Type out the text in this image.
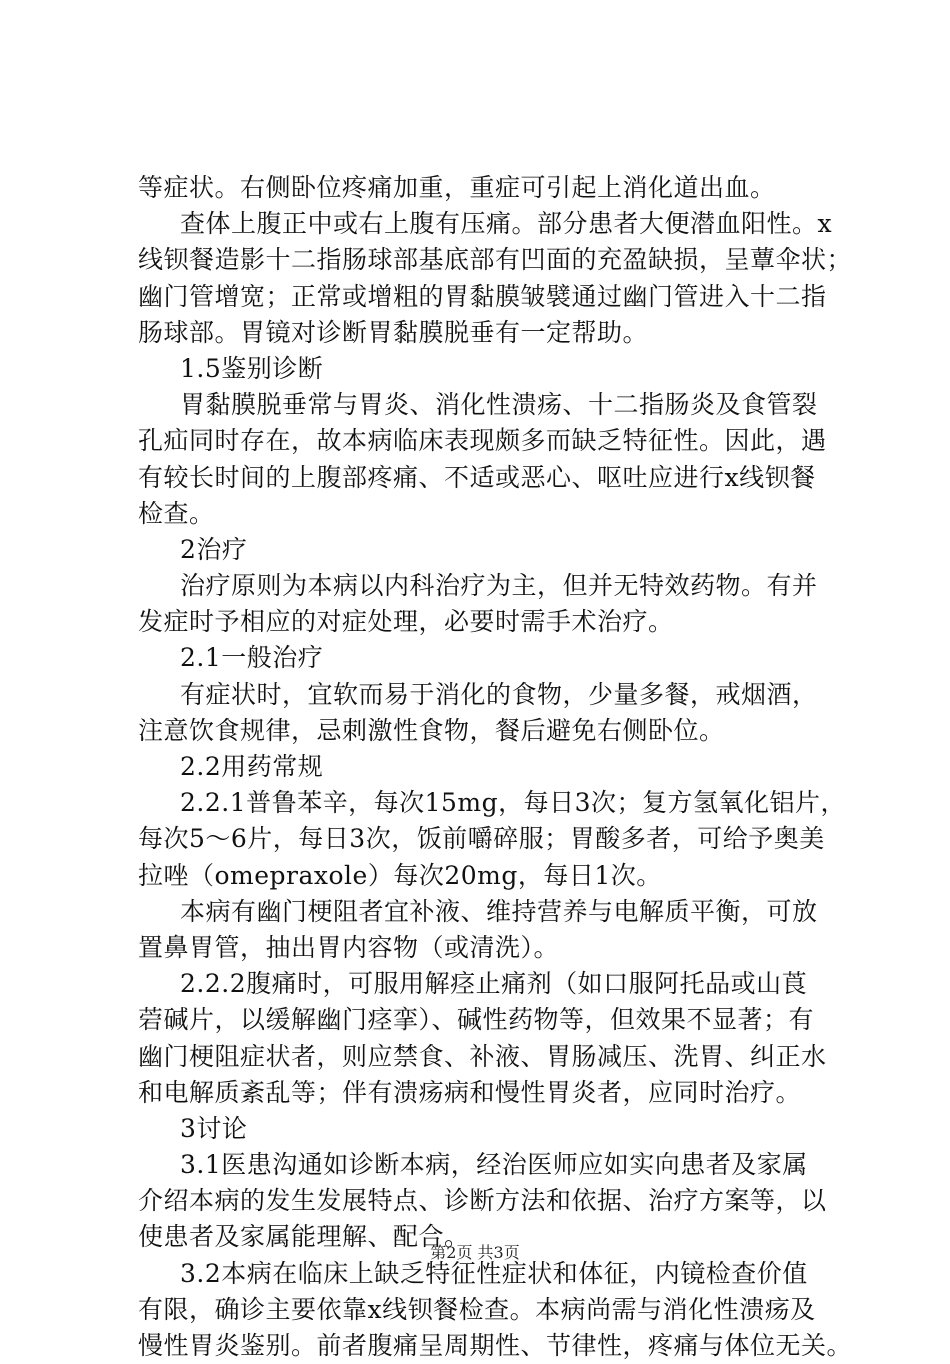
等症状。右侧卧位疼痛加重，重症可引起上消化道出血。
查体上腹正中或右上腹有压痛。部分患者大便潜血阳性。x
线钡餐造影十二指肠球部基底部有凹面的充盈缺损，呈蕈伞状；
幽门管增宽；正常或增粗的胃黏膜皱襞通过幽门管进入十二指
肠球部。胃镜对诊断胃黏膜脱垂有一定帮助。
1.5鉴别诊断
胃黏膜脱垂常与胃炎、消化性溃疡、十二指肠炎及食管裂
孔疝同时存在，故本病临床表现颇多而缺乏特征性。因此，遇
有较长时间的上腹部疼痛、不适或恶心、呕吐应进行x线钡餐
检查。
2治疗
治疗原则为本病以内科治疗为主，但并无特效药物。有并
发症时予相应的对症处理，必要时需手术治疗。
2.1一般治疗
有症状时，宜软而易于消化的食物，少量多餐，戒烟酒，
注意饮食规律，忌刺激性食物，餐后避免右侧卧位。
2.2用药常规
2.2.1普鲁苯辛，每次15mg，每日3次；复方氢氧化铝片，
每次5～6片，每日3次，饭前嚼碎服；胃酸多者，可给予奥美
拉唑（omepraxole）每次20mg，每日1次。
本病有幽门梗阻者宜补液、维持营养与电解质平衡，可放
置鼻胃管，抽出胃内容物（或清洗）。
2.2.2腹痛时，可服用解痉止痛剂（如口服阿托品或山莨
菪碱片，以缓解幽门痉挛）、碱性药物等，但效果不显著；有
幽门梗阻症状者，则应禁食、补液、胃肠减压、洗胃、纠正水
和电解质紊乱等；伴有溃疡病和慢性胃炎者，应同时治疗。
3讨论
3.1医患沟通如诊断本病，经治医师应如实向患者及家属
介绍本病的发生发展特点、诊断方法和依据、治疗方案等，以
使患者及家属能理解、配合。
3.2本病在临床上缺乏特征性症状和体征，内镜检查价值
有限，确诊主要依靠x线钡餐检查。本病尚需与消化性溃疡及
慢性胃炎鉴别。前者腹痛呈周期性、节律性，疼痛与体位无关。
第2页 共3页
